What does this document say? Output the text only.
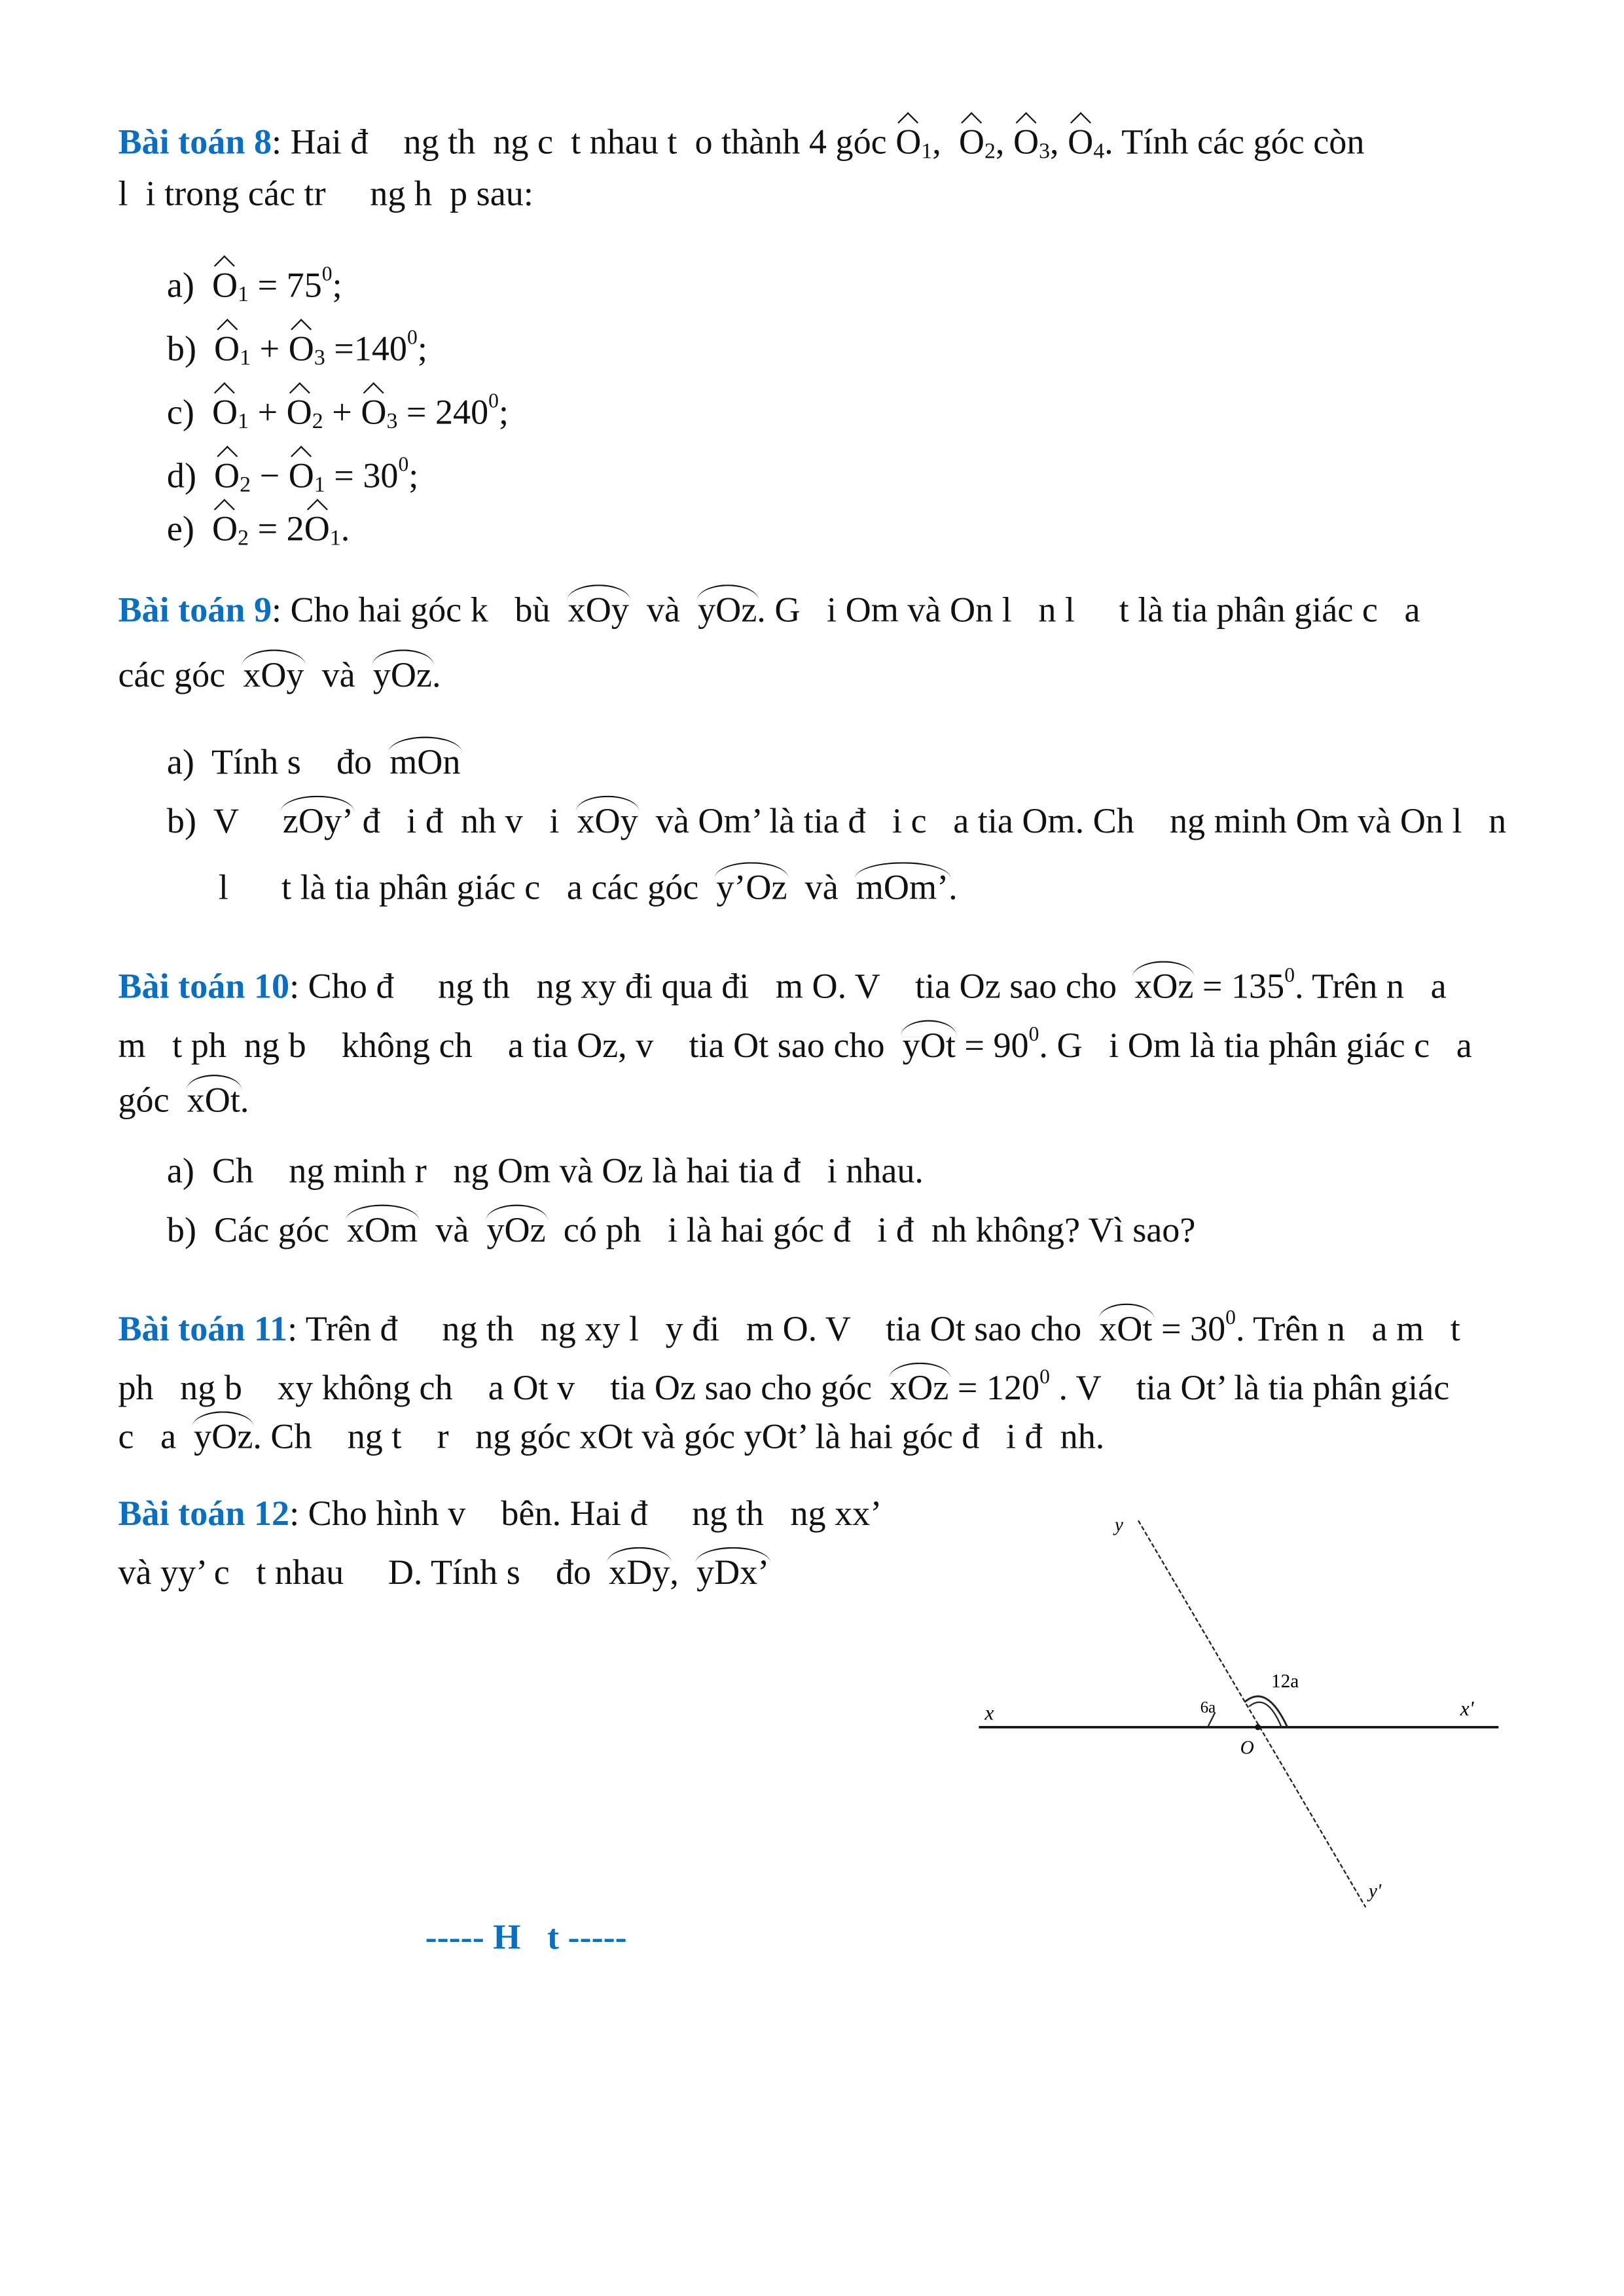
Bài toán 8: Hai đ    ng th  ng c  t nhau t  o thành 4 góc $O_1$,  $O_2$, $O_3$, $O_4$. Tính các góc còn
l  i trong các tr     ng h  p sau:
a)  $O_1 = 75^0$;
b)  $O_1 + O_3 =140^0$;
c)  $O_1 + O_2 + O_3 = 240^0$;
d)  $O_2 - O_1 = 30^0$;
e)  $O_2 = 2O_1$.
Bài toán 9: Cho hai góc k   bù  xOy  và  yOz. G   i Om và On l   n l     t là tia phân giác c   a
các góc  xOy  và  yOz.
a)  Tính s    đo  mOn
b)  V     zOy’ đ   i đ  nh v   i  xOy  và Om’ là tia đ   i c   a tia Om. Ch    ng minh Om và On l   n
l      t là tia phân giác c   a các góc  y’Oz  và  mOm’.
Bài toán 10: Cho đ     ng th   ng xy đi qua đi   m O. V    tia Oz sao cho  xOz = $135^0$. Trên n   a
m   t ph  ng b    không ch    a tia Oz, v    tia Ot sao cho  yOt = $90^0$. G   i Om là tia phân giác c   a
góc  xOt.
a)  Ch    ng minh r   ng Om và Oz là hai tia đ   i nhau.
b)  Các góc  xOm  và  yOz  có ph   i là hai góc đ   i đ  nh không? Vì sao?
Bài toán 11: Trên đ     ng th   ng xy l   y đi   m O. V    tia Ot sao cho  xOt = $30^0$. Trên n   a m   t
ph   ng b    xy không ch    a Ot v    tia Oz sao cho góc  xOz = $120^0$ . V    tia Ot’ là tia phân giác
c   a  yOz. Ch    ng t    r   ng góc xOt và góc yOt’ là hai góc đ   i đ  nh.
Bài toán 12: Cho hình v    bên. Hai đ     ng th   ng xx’
và yy’ c   t nhau     D. Tính s    đo  xDy,  yDx’
y
x	x'
12a
6a
O
y'
----- H   t -----
